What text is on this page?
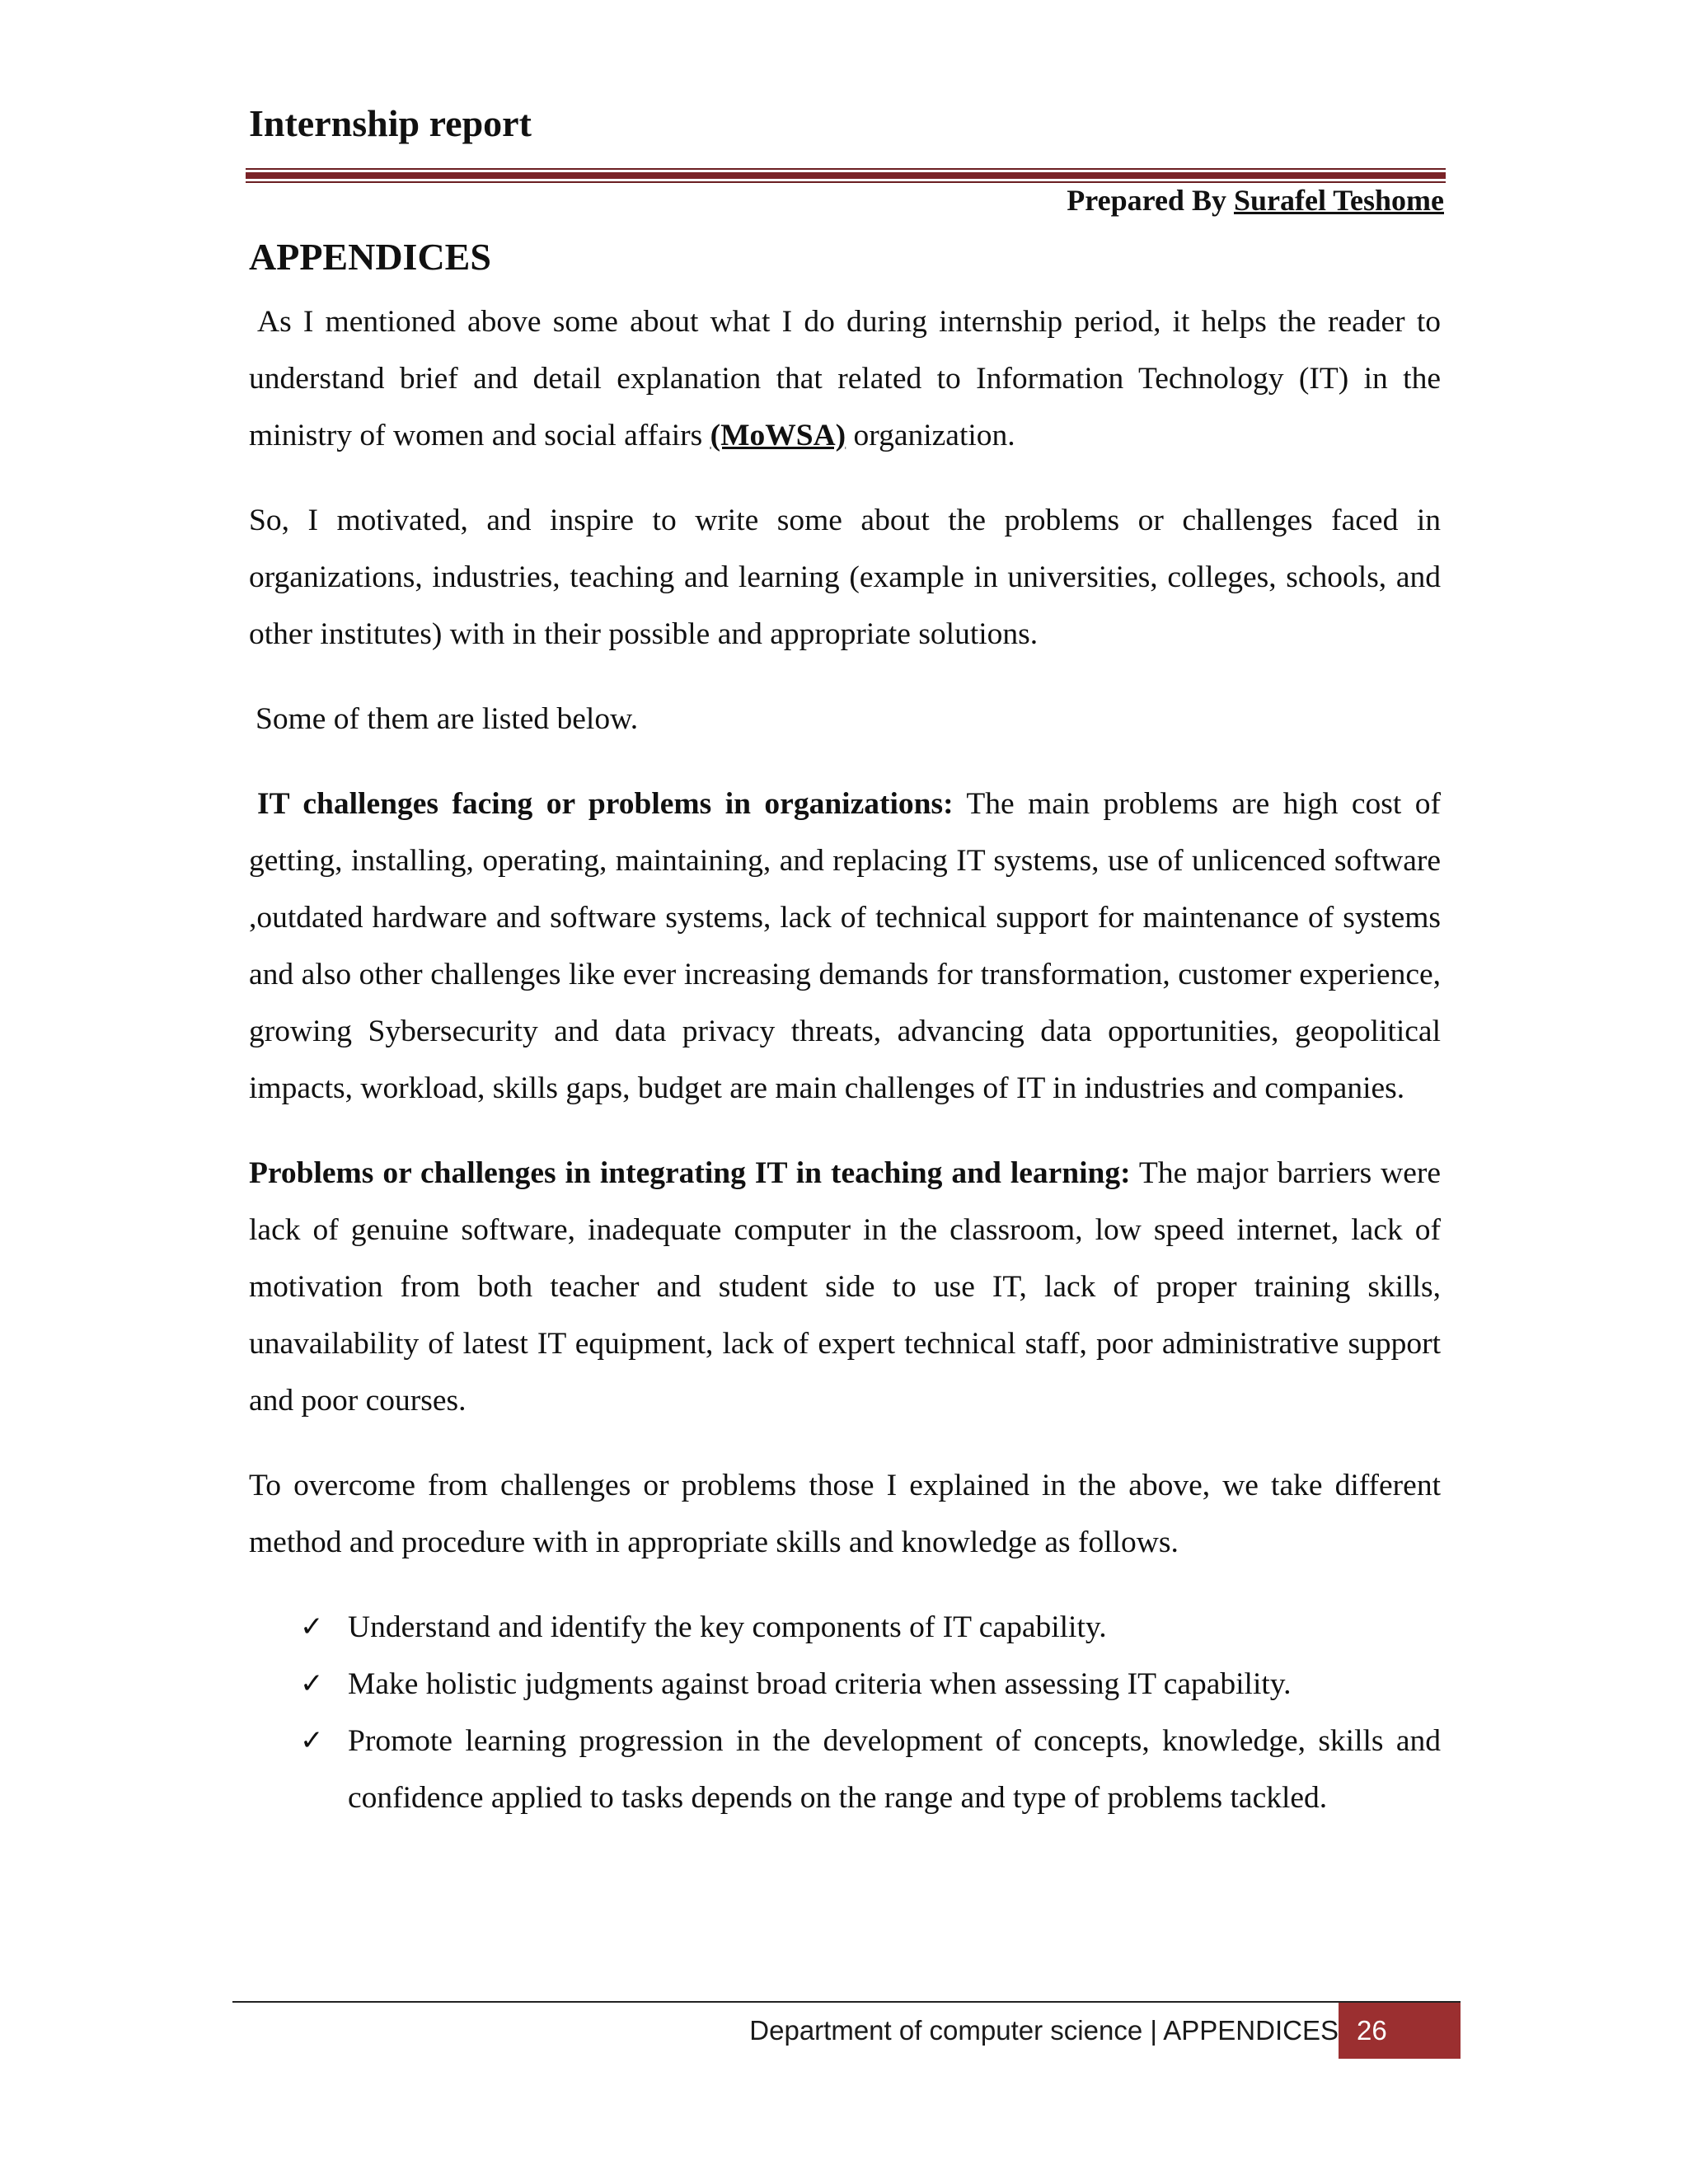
Internship report
Prepared By Surafel Teshome
APPENDICES

As I mentioned above some about what I do during internship period, it helps the reader to understand brief and detail explanation that related to Information Technology (IT) in the ministry of women and social affairs (MoWSA) organization.

So, I motivated, and inspire to write some about the problems or challenges faced in organizations, industries, teaching and learning (example in universities, colleges, schools, and other institutes) with in their possible and appropriate solutions.

Some of them are listed below.

IT challenges facing or problems in organizations: The main problems are high cost of getting, installing, operating, maintaining, and replacing IT systems, use of unlicenced software ,outdated hardware and software systems, lack of technical support for maintenance of systems and also other challenges like ever increasing demands for transformation, customer experience, growing Sybersecurity and data privacy threats, advancing data opportunities, geopolitical impacts, workload, skills gaps, budget are main challenges of IT in industries and companies.

Problems or challenges in integrating IT in teaching and learning: The major barriers were lack of genuine software, inadequate computer in the classroom, low speed internet, lack of motivation from both teacher and student side to use IT, lack of proper training skills, unavailability of latest IT equipment, lack of expert technical staff, poor administrative support and poor courses.

To overcome from challenges or problems those I explained in the above, we take different method and procedure with in appropriate skills and knowledge as follows.

✓ Understand and identify the key components of IT capability.
✓ Make holistic judgments against broad criteria when assessing IT capability.
✓ Promote learning progression in the development of concepts, knowledge, skills and confidence applied to tasks depends on the range and type of problems tackled.
Department of computer science | APPENDICES 26
